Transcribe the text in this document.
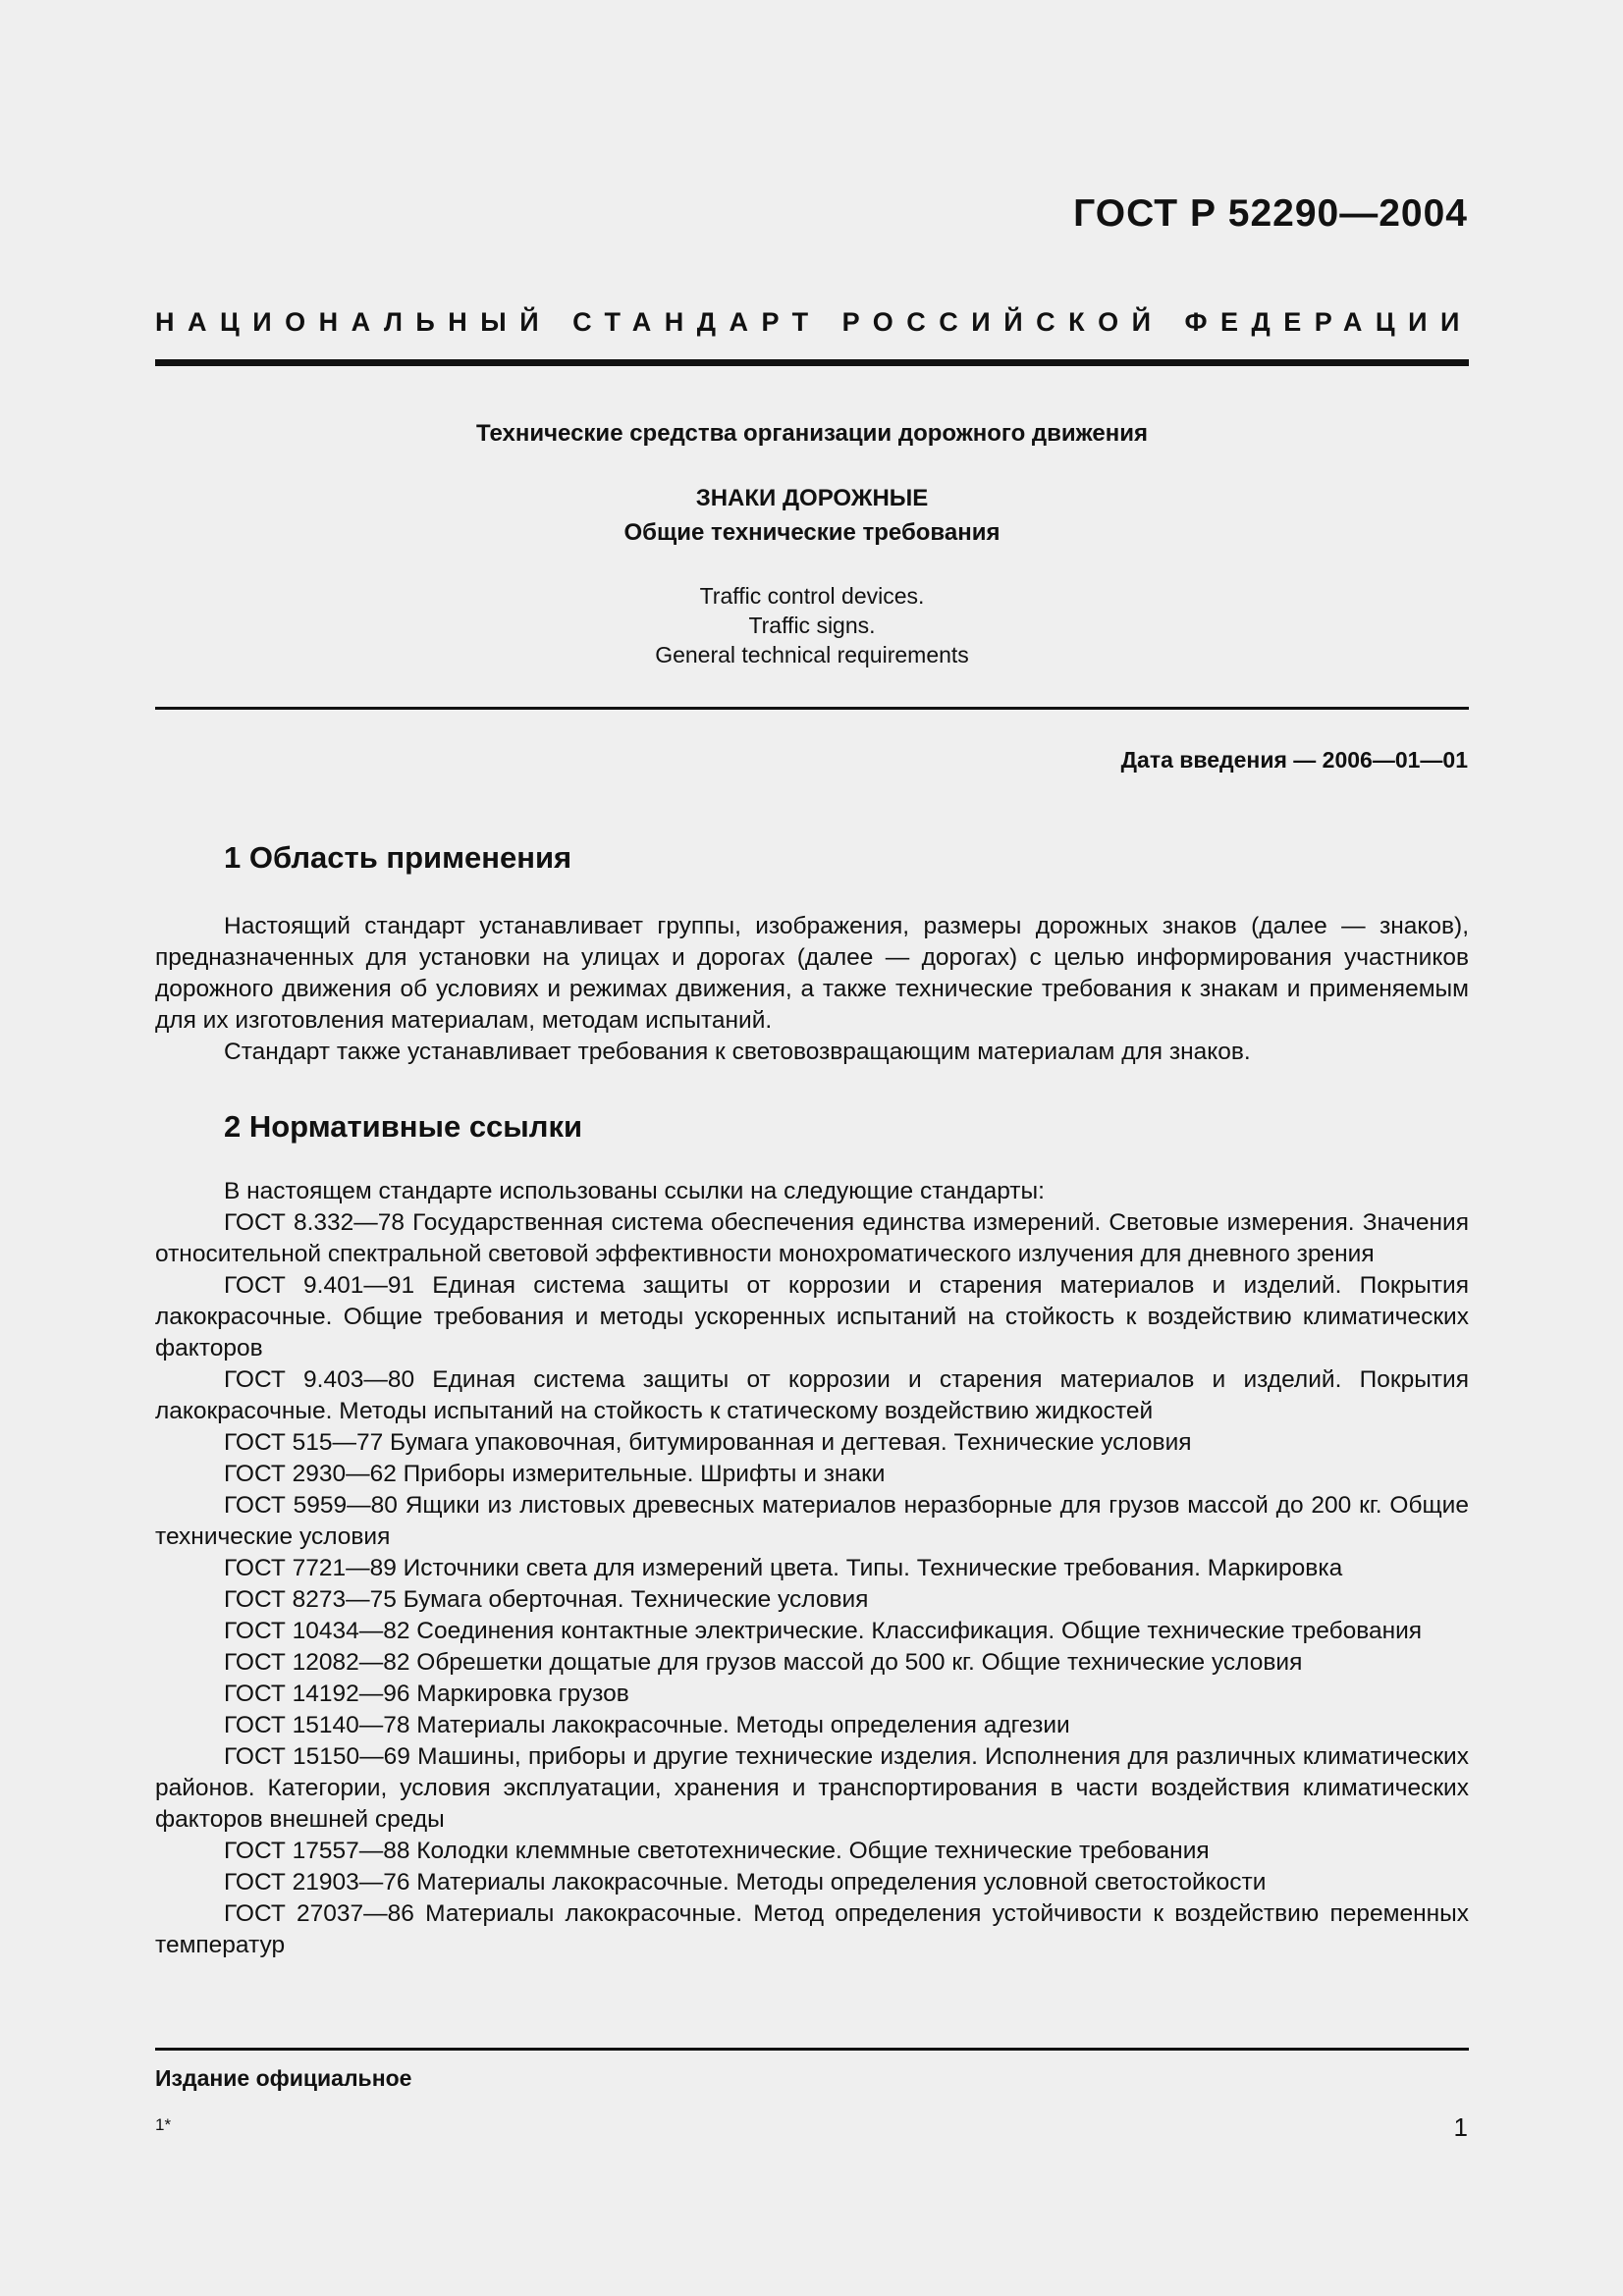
ГОСТ Р 52290—2004
НАЦИОНАЛЬНЫЙ СТАНДАРТ РОССИЙСКОЙ ФЕДЕРАЦИИ
Технические средства организации дорожного движения
ЗНАКИ ДОРОЖНЫЕ
Общие технические требования
Traffic control devices.
Traffic signs.
General technical requirements
Дата введения — 2006—01—01
1 Область применения

Настоящий стандарт устанавливает группы, изображения, размеры дорожных знаков (далее — знаков), предназначенных для установки на улицах и дорогах (далее — дорогах) с целью информирования участников дорожного движения об условиях и режимах движения, а также технические требования к знакам и применяемым для их изготовления материалам, методам испытаний.

Стандарт также устанавливает требования к световозвращающим материалам для знаков.

2 Нормативные ссылки

В настоящем стандарте использованы ссылки на следующие стандарты:

ГОСТ 8.332—78 Государственная система обеспечения единства измерений. Световые измерения. Значения относительной спектральной световой эффективности монохроматического излучения для дневного зрения

ГОСТ 9.401—91 Единая система защиты от коррозии и старения материалов и изделий. Покрытия лакокрасочные. Общие требования и методы ускоренных испытаний на стойкость к воздействию климатических факторов

ГОСТ 9.403—80 Единая система защиты от коррозии и старения материалов и изделий. Покрытия лакокрасочные. Методы испытаний на стойкость к статическому воздействию жидкостей

ГОСТ 515—77 Бумага упаковочная, битумированная и дегтевая. Технические условия

ГОСТ 2930—62 Приборы измерительные. Шрифты и знаки

ГОСТ 5959—80 Ящики из листовых древесных материалов неразборные для грузов массой до 200 кг. Общие технические условия

ГОСТ 7721—89 Источники света для измерений цвета. Типы. Технические требования. Маркировка

ГОСТ 8273—75 Бумага оберточная. Технические условия

ГОСТ 10434—82 Соединения контактные электрические. Классификация. Общие технические требования

ГОСТ 12082—82 Обрешетки дощатые для грузов массой до 500 кг. Общие технические условия

ГОСТ 14192—96 Маркировка грузов

ГОСТ 15140—78 Материалы лакокрасочные. Методы определения адгезии

ГОСТ 15150—69 Машины, приборы и другие технические изделия. Исполнения для различных климатических районов. Категории, условия эксплуатации, хранения и транспортирования в части воздействия климатических факторов внешней среды

ГОСТ 17557—88 Колодки клеммные светотехнические. Общие технические требования

ГОСТ 21903—76 Материалы лакокрасочные. Методы определения условной светостойкости

ГОСТ 27037—86 Материалы лакокрасочные. Метод определения устойчивости к воздействию переменных температур

Издание официальное
1*	1
